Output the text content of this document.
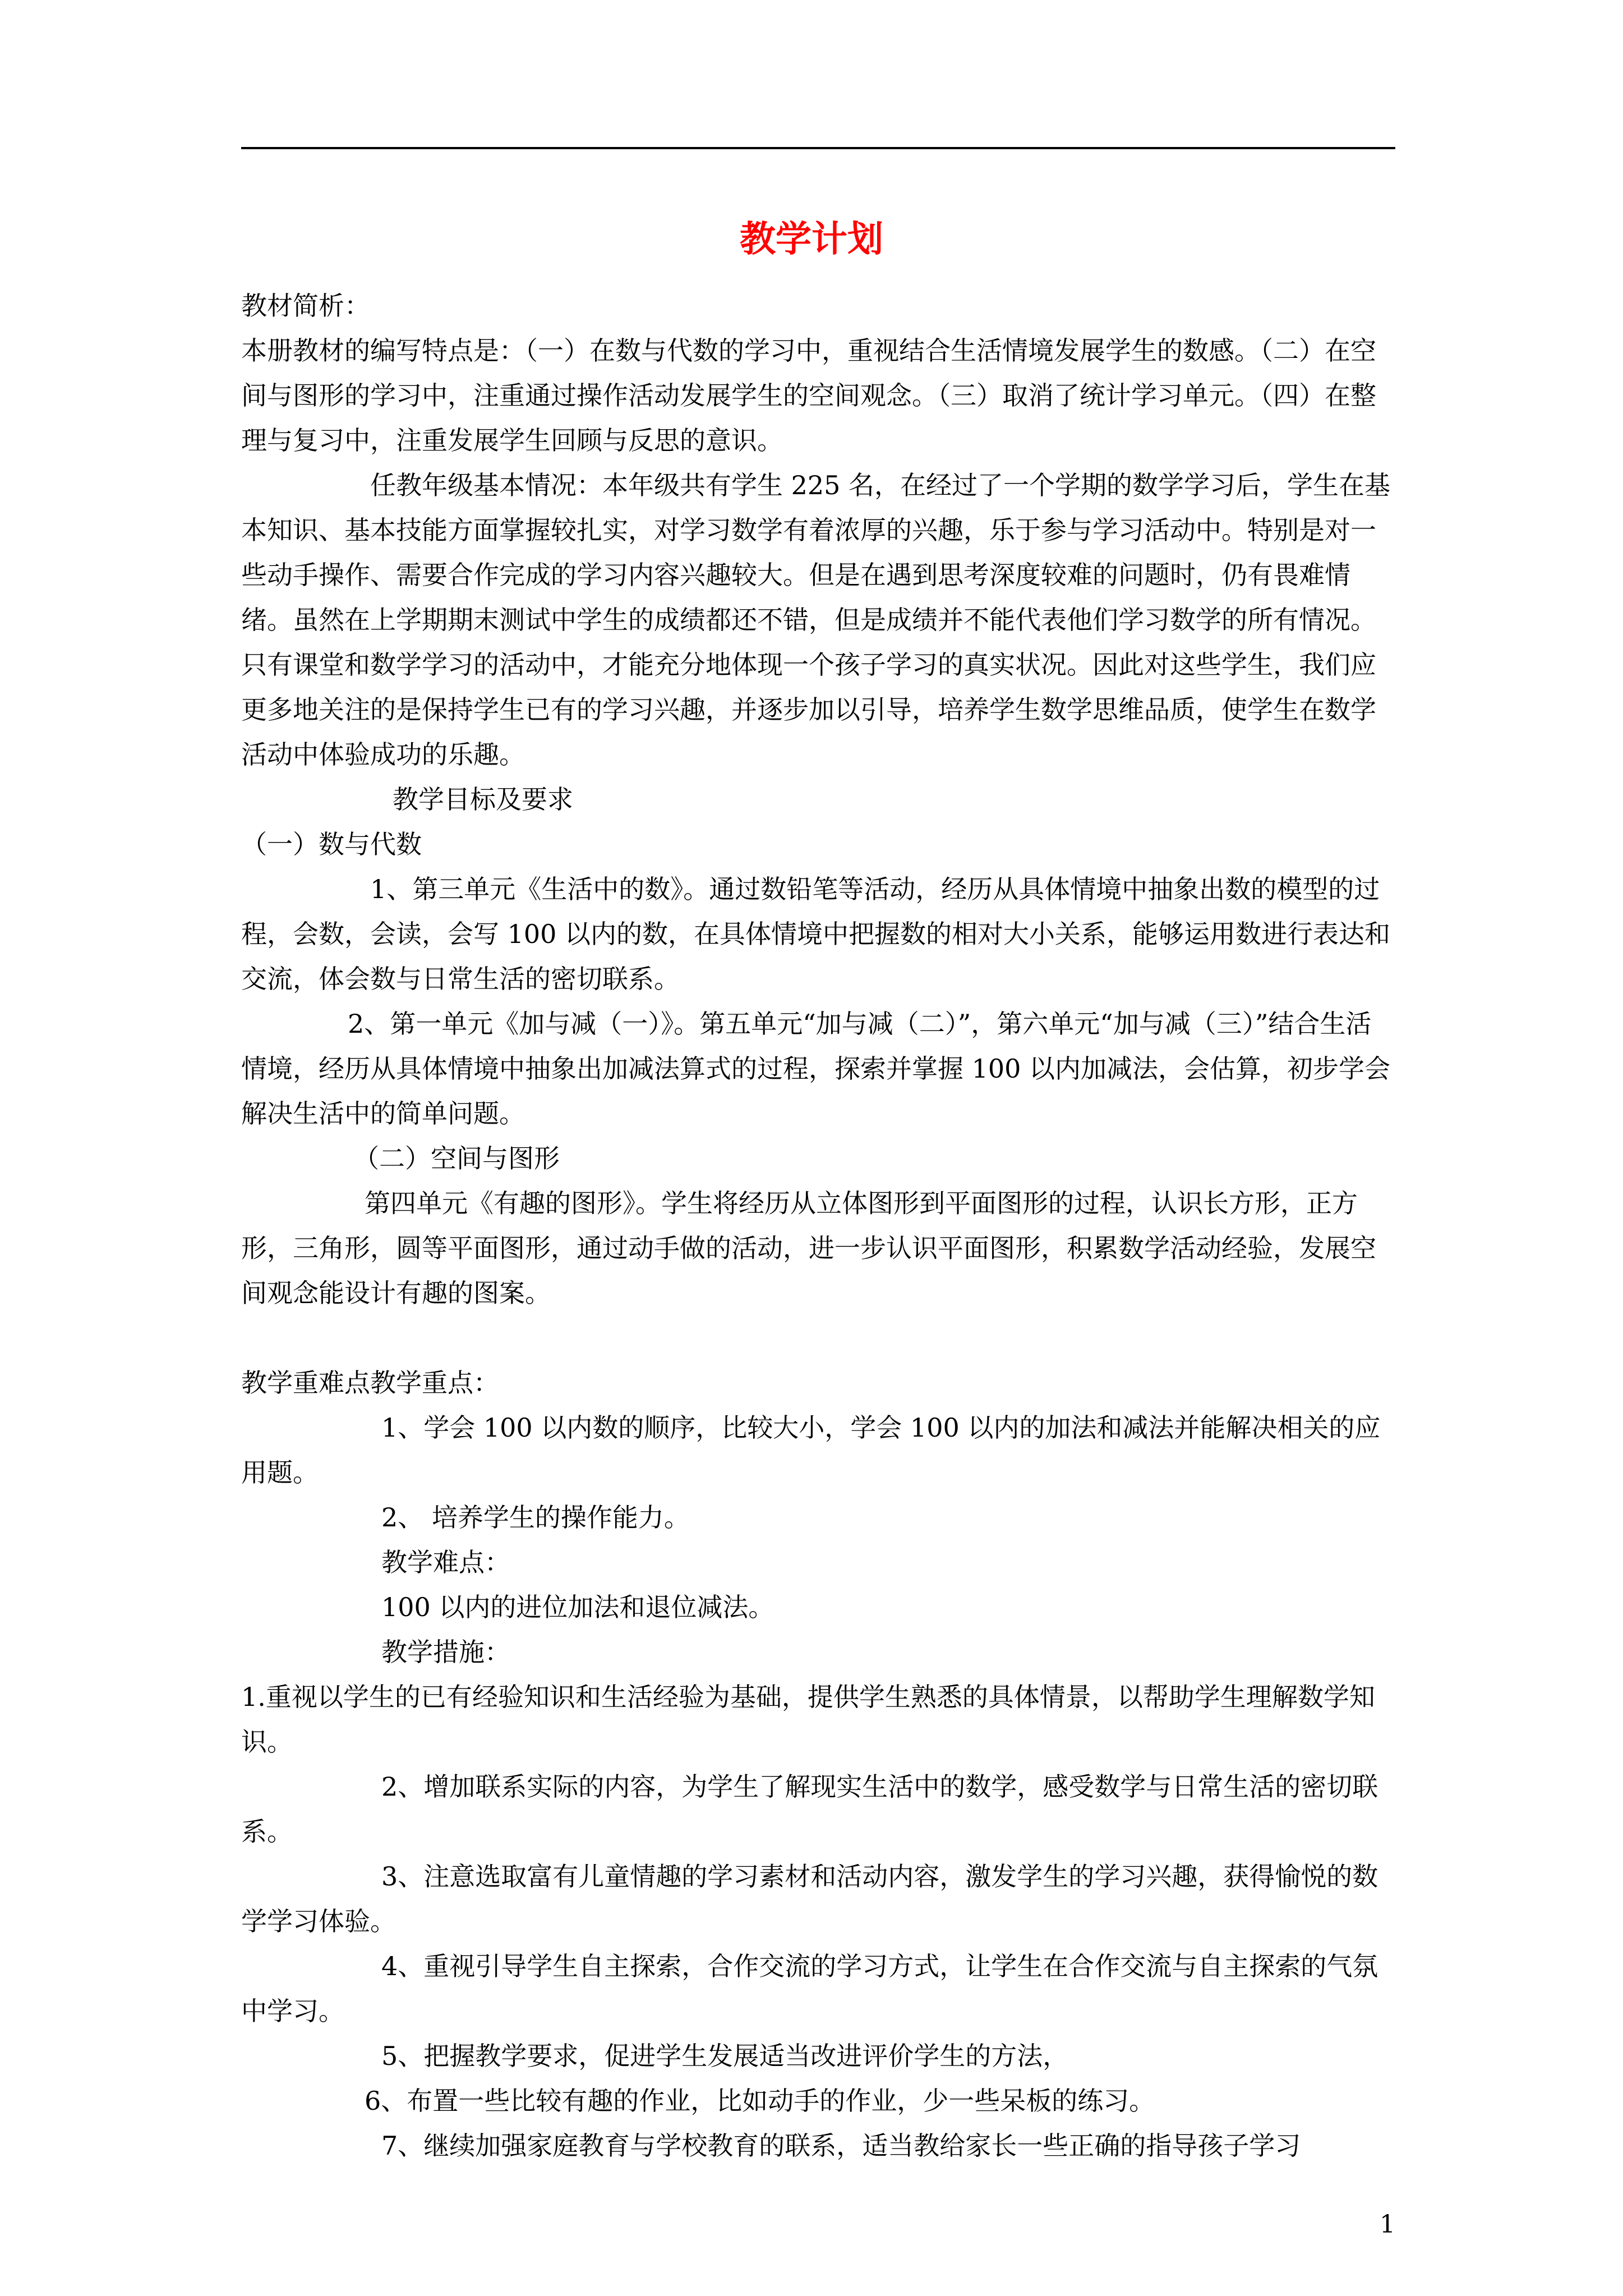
教学计划

教材简析：

本册教材的编写特点是：（一）在数与代数的学习中，重视结合生活情境发展学生的数感。（二）在空间与图形的学习中，注重通过操作活动发展学生的空间观念。（三）取消了统计学习单元。（四）在整理与复习中，注重发展学生回顾与反思的意识。

任教年级基本情况：本年级共有学生 225 名，在经过了一个学期的数学学习后，学生在基本知识、基本技能方面掌握较扎实，对学习数学有着浓厚的兴趣，乐于参与学习活动中。特别是对一些动手操作、需要合作完成的学习内容兴趣较大。但是在遇到思考深度较难的问题时，仍有畏难情绪。虽然在上学期期末测试中学生的成绩都还不错，但是成绩并不能代表他们学习数学的所有情况。只有课堂和数学学习的活动中，才能充分地体现一个孩子学习的真实状况。因此对这些学生，我们应更多地关注的是保持学生已有的学习兴趣，并逐步加以引导，培养学生数学思维品质，使学生在数学活动中体验成功的乐趣。

教学目标及要求

（一）数与代数

1、第三单元《生活中的数》。通过数铅笔等活动，经历从具体情境中抽象出数的模型的过程，会数，会读，会写 100 以内的数，在具体情境中把握数的相对大小关系，能够运用数进行表达和交流，体会数与日常生活的密切联系。

2、第一单元《加与减（一）》。第五单元“加与减（二）”，第六单元“加与减（三）”结合生活情境，经历从具体情境中抽象出加减法算式的过程，探索并掌握 100 以内加减法，会估算，初步学会解决生活中的简单问题。

（二）空间与图形

第四单元《有趣的图形》。学生将经历从立体图形到平面图形的过程，认识长方形，正方形，三角形，圆等平面图形，通过动手做的活动，进一步认识平面图形，积累数学活动经验，发展空间观念能设计有趣的图案。

教学重难点教学重点：

1、学会 100 以内数的顺序，比较大小，学会 100 以内的加法和减法并能解决相关的应用题。

2、 培养学生的操作能力。

教学难点：

100 以内的进位加法和退位减法。

教学措施：

1.重视以学生的已有经验知识和生活经验为基础，提供学生熟悉的具体情景，以帮助学生理解数学知识。

2、增加联系实际的内容，为学生了解现实生活中的数学，感受数学与日常生活的密切联系。

3、注意选取富有儿童情趣的学习素材和活动内容，激发学生的学习兴趣，获得愉悦的数学学习体验。

4、重视引导学生自主探索，合作交流的学习方式，让学生在合作交流与自主探索的气氛中学习。

5、把握教学要求，促进学生发展适当改进评价学生的方法，

6、布置一些比较有趣的作业，比如动手的作业，少一些呆板的练习。

7、继续加强家庭教育与学校教育的联系，适当教给家长一些正确的指导孩子学习

1
